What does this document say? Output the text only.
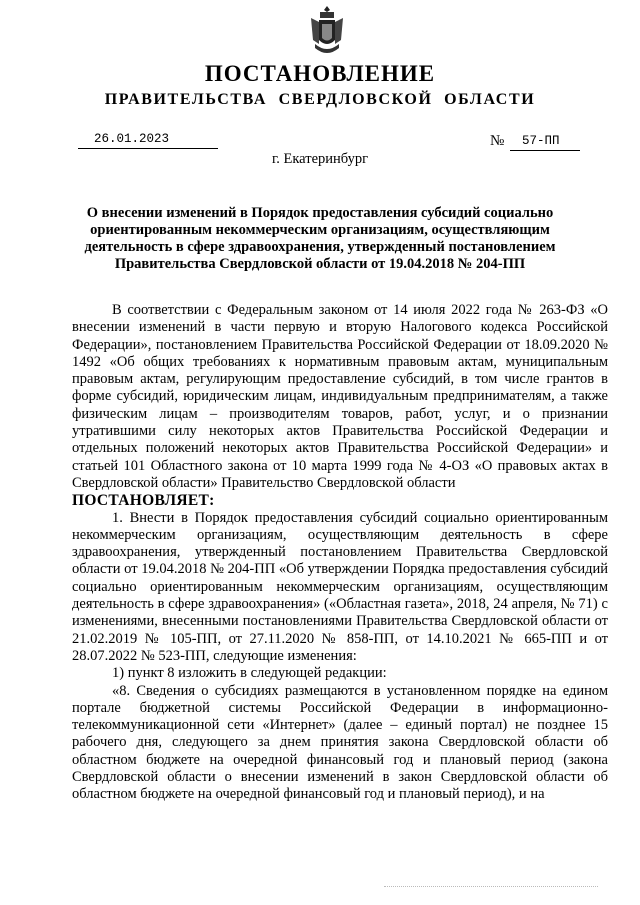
ПОСТАНОВЛЕНИЕ
ПРАВИТЕЛЬСТВА СВЕРДЛОВСКОЙ ОБЛАСТИ
26.01.2023	№ 57-ПП
г. Екатеринбург
О внесении изменений в Порядок предоставления субсидий социально ориентированным некоммерческим организациям, осуществляющим деятельность в сфере здравоохранения, утвержденный постановлением Правительства Свердловской области от 19.04.2018 № 204-ПП

В соответствии с Федеральным законом от 14 июля 2022 года № 263-ФЗ «О внесении изменений в части первую и вторую Налогового кодекса Российской Федерации», постановлением Правительства Российской Федерации от 18.09.2020 № 1492 «Об общих требованиях к нормативным правовым актам, муниципальным правовым актам, регулирующим предоставление субсидий, в том числе грантов в форме субсидий, юридическим лицам, индивидуальным предпринимателям, а также физическим лицам – производителям товаров, работ, услуг, и о признании утратившими силу некоторых актов Правительства Российской Федерации и отдельных положений некоторых актов Правительства Российской Федерации» и статьей 101 Областного закона от 10 марта 1999 года № 4-ОЗ «О правовых актах в Свердловской области» Правительство Свердловской области

ПОСТАНОВЛЯЕТ:

1. Внести в Порядок предоставления субсидий социально ориентированным некоммерческим организациям, осуществляющим деятельность в сфере здравоохранения, утвержденный постановлением Правительства Свердловской области от 19.04.2018 № 204-ПП «Об утверждении Порядка предоставления субсидий социально ориентированным некоммерческим организациям, осуществляющим деятельность в сфере здравоохранения» («Областная газета», 2018, 24 апреля, № 71) с изменениями, внесенными постановлениями Правительства Свердловской области от 21.02.2019 № 105-ПП, от 27.11.2020 № 858-ПП, от 14.10.2021 № 665-ПП и от 28.07.2022 № 523-ПП, следующие изменения:

1) пункт 8 изложить в следующей редакции:

«8. Сведения о субсидиях размещаются в установленном порядке на едином портале бюджетной системы Российской Федерации в информационно-телекоммуникационной сети «Интернет» (далее – единый портал) не позднее 15 рабочего дня, следующего за днем принятия закона Свердловской области об областном бюджете на очередной финансовый год и плановый период (закона Свердловской области о внесении изменений в закон Свердловской области об областном бюджете на очередной финансовый год и плановый период), и на
